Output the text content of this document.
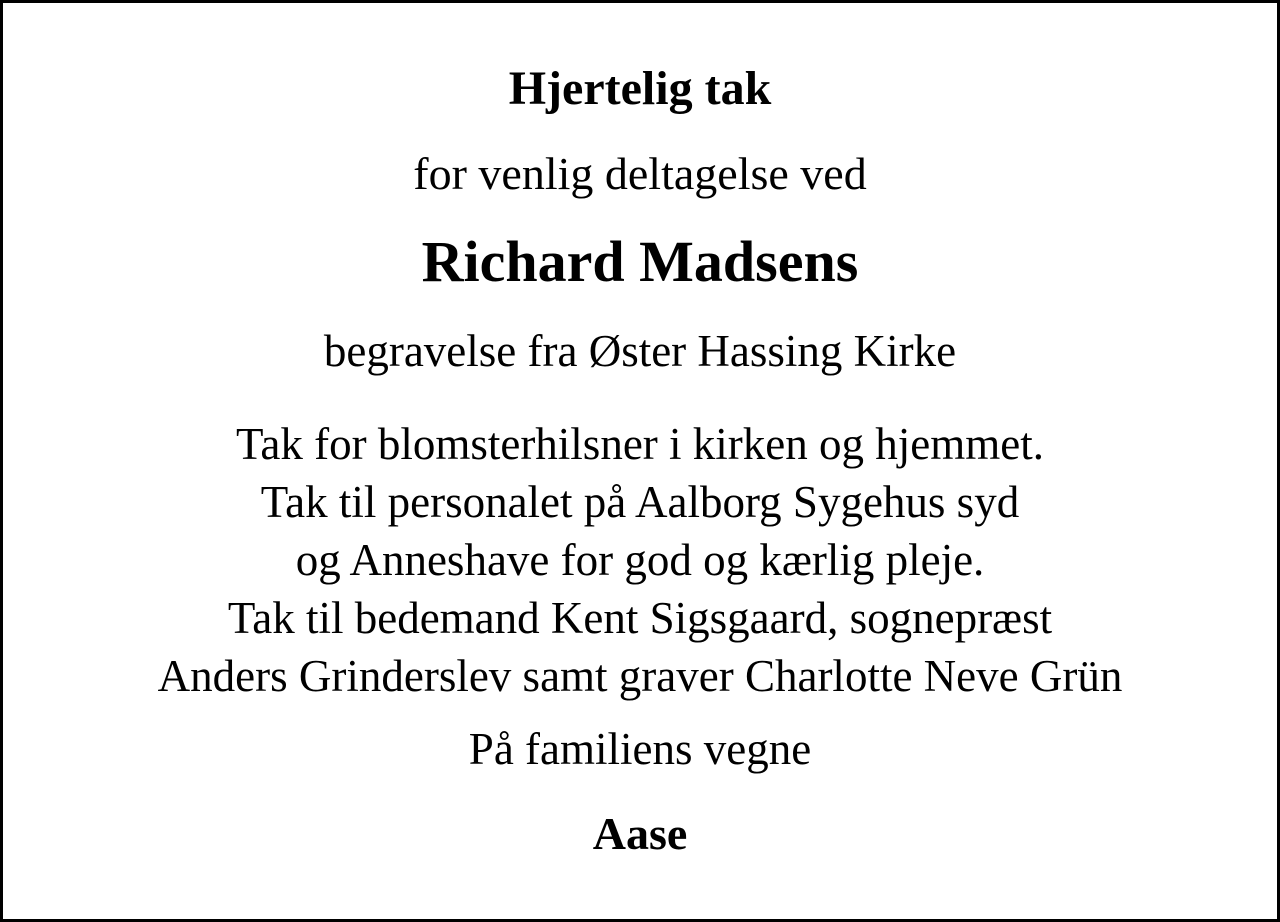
Hjertelig tak
for venlig deltagelse ved
Richard Madsens
begravelse fra Øster Hassing Kirke
Tak for blomsterhilsner i kirken og hjemmet.
Tak til personalet på Aalborg Sygehus syd
og Anneshave for god og kærlig pleje.
Tak til bedemand Kent Sigsgaard, sognepræst
Anders Grinderslev samt graver Charlotte Neve Grün
På familiens vegne
Aase
